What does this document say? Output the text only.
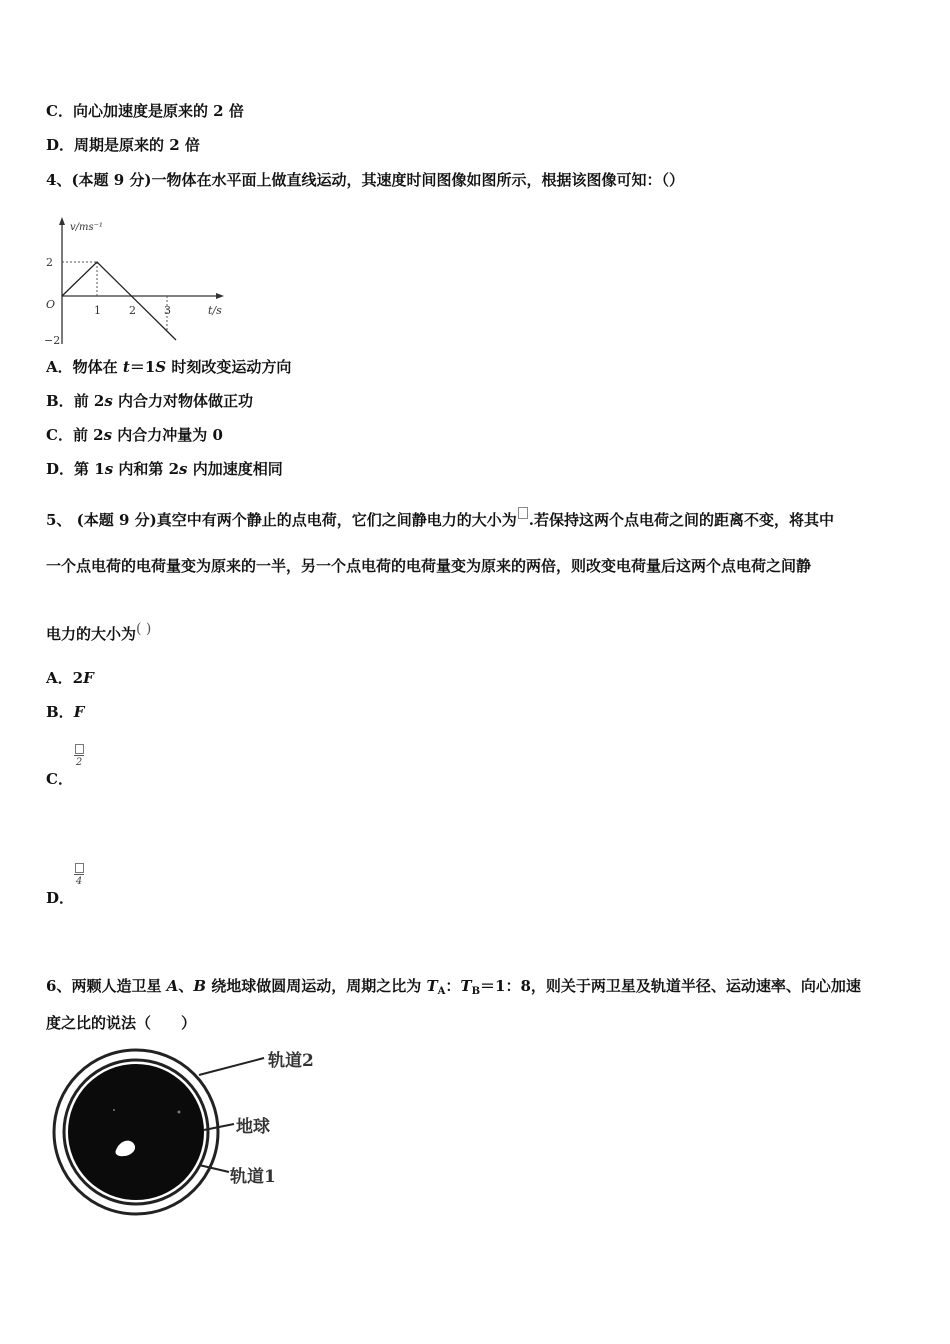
C．向心加速度是原来的 2 倍
D．周期是原来的 2 倍
4、(本题 9 分)一物体在水平面上做直线运动，其速度时间图像如图所示，根据该图像可知：（）
v/ms⁻¹
2
−2
O	1	2	3	t/s
A．物体在 t＝1S 时刻改变运动方向
B．前 2s 内合力对物体做正功
C．前 2s 内合力冲量为 0
D．第 1s 内和第 2s 内加速度相同
5、 (本题 9 分)真空中有两个静止的点电荷，它们之间静电力的大小为 .若保持这两个点电荷之间的距离不变，将其中
一个点电荷的电荷量变为原来的一半，另一个点电荷的电荷量变为原来的两倍，则改变电荷量后这两个点电荷之间静
电力的大小为( )
A．2F
B．F
2
C．
4
D．
6、两颗人造卫星 A、B 绕地球做圆周运动，周期之比为 $T_A$：$T_B=1$：8，则关于两卫星及轨道半径、运动速率、向心加速
度之比的说法（　　）
轨道2
地球
轨道1
